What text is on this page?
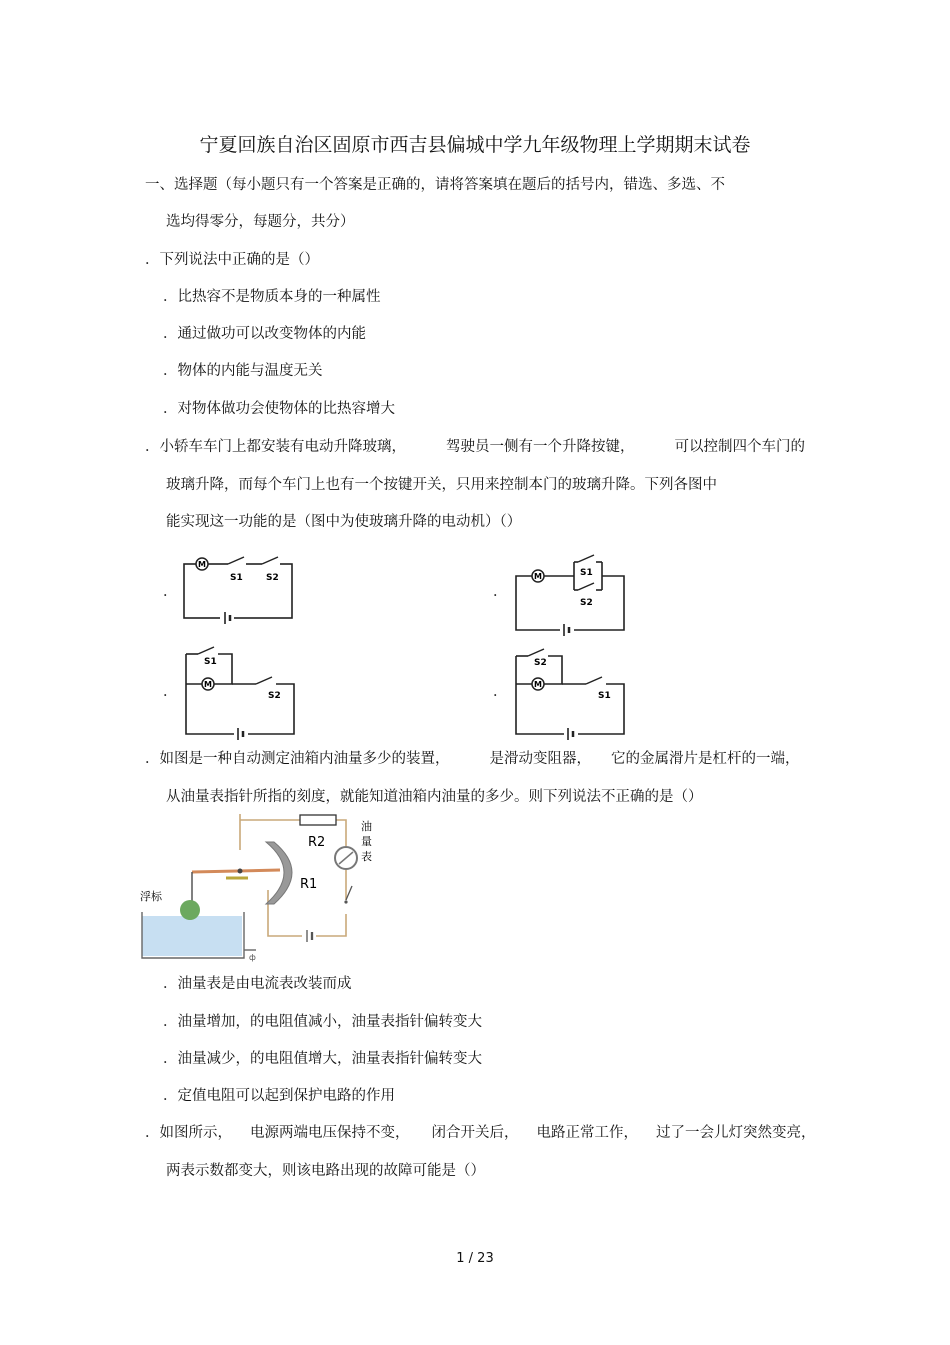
宁夏回族自治区固原市西吉县偏城中学九年级物理上学期期末试卷
一、选择题（每小题只有一个答案是正确的，请将答案填在题后的括号内，错选、多选、不
选均得零分，每题分，共分）
．下列说法中正确的是（）
．比热容不是物质本身的一种属性
．通过做功可以改变物体的内能
．物体的内能与温度无关
．对物体做功会使物体的比热容增大
．小轿车车门上都安装有电动升降玻璃，	驾驶员一侧有一个升降按键，	可以控制四个车门的
玻璃升降，而每个车门上也有一个按键开关，只用来控制本门的玻璃升降。下列各图中
能实现这一功能的是（图中为使玻璃升降的电动机）（）
．	．
．	．
M
S1	S2	M	S1
S2
S1
M
S2
S2
M
S1
．如图是一种自动测定油箱内油量多少的装置，	是滑动变阻器， 它的金属滑片是杠杆的一端，
从油量表指针所指的刻度，就能知道油箱内油量的多少。则下列说法不正确的是（）
R2
油
量
表
R1
浮标
ф
．油量表是由电流表改装而成
．油量增加，的电阻值减小，油量表指针偏转变大
．油量减少，的电阻值增大，油量表指针偏转变大
．定值电阻可以起到保护电路的作用
．如图所示， 电源两端电压保持不变， 闭合开关后， 电路正常工作， 过了一会儿灯突然变亮，
两表示数都变大，则该电路出现的故障可能是（）
1 / 23
